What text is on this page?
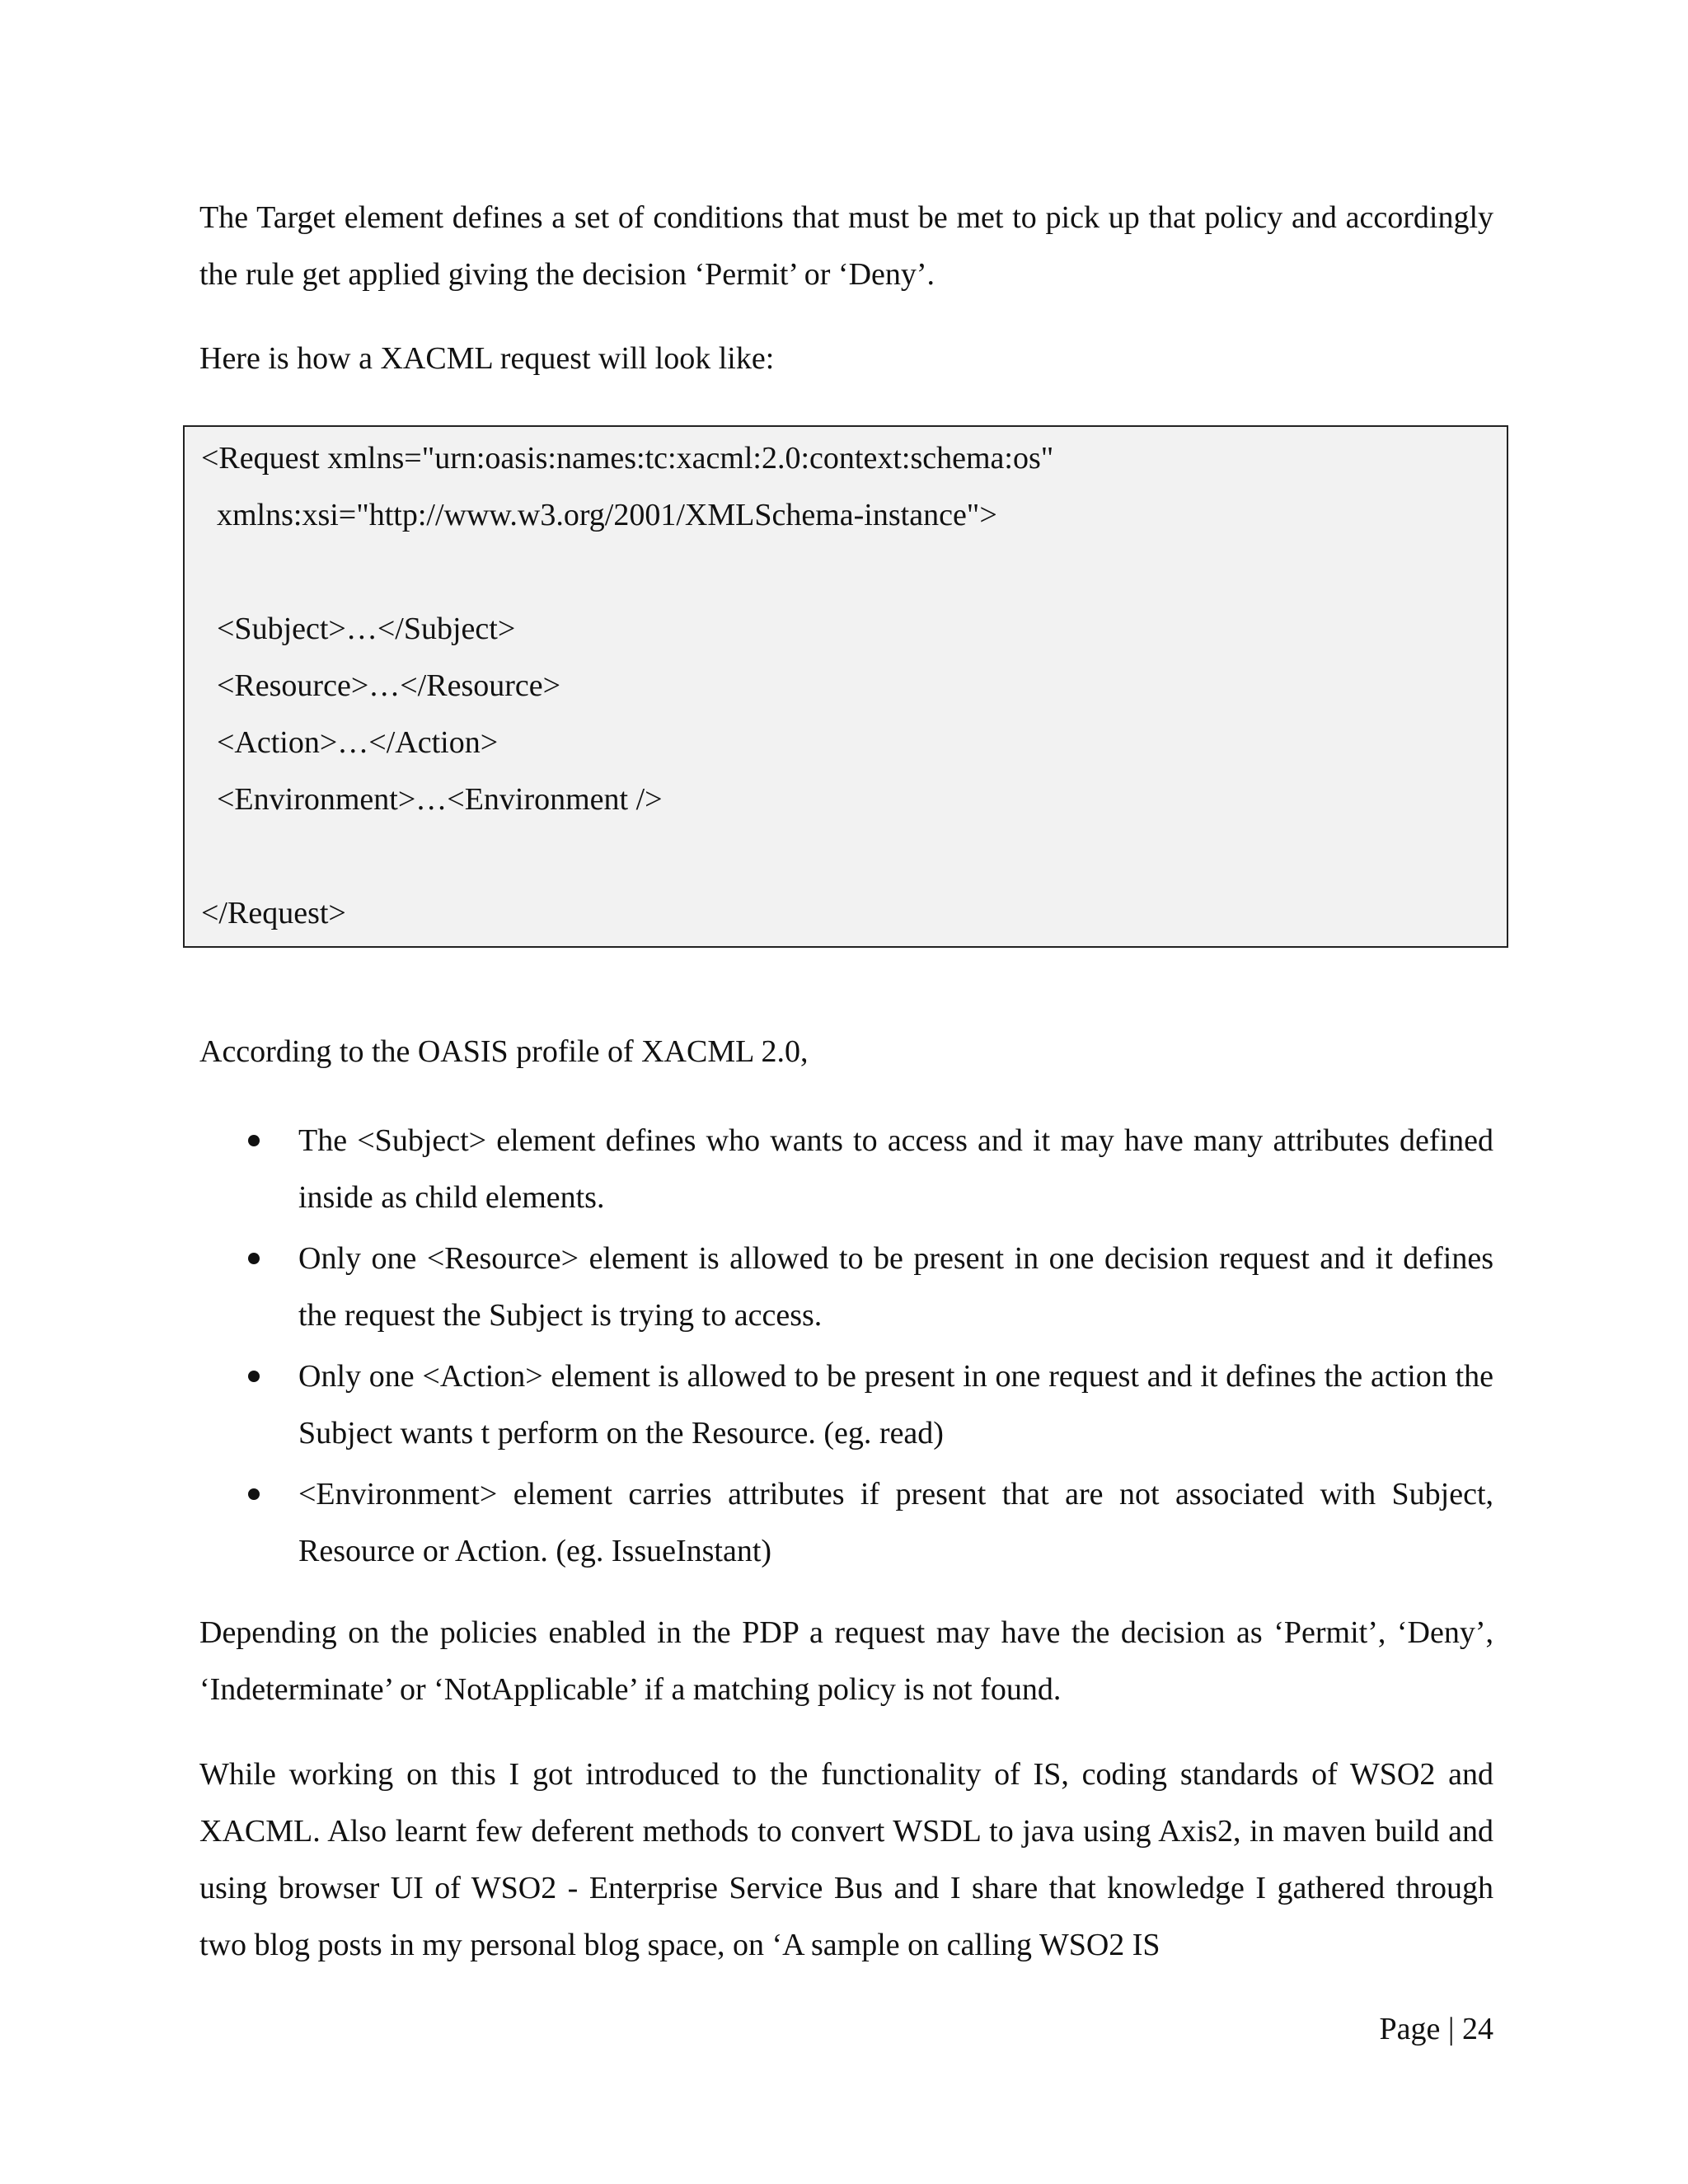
The Target element defines a set of conditions that must be met to pick up that policy and accordingly the rule get applied giving the decision ‘Permit’ or ‘Deny’.

Here is how a XACML request will look like:

<Request xmlns="urn:oasis:names:tc:xacml:2.0:context:schema:os"
xmlns:xsi="http://www.w3.org/2001/XMLSchema-instance">
<Subject>…</Subject>
<Resource>…</Resource>
<Action>…</Action>
<Environment>…<Environment />
</Request>

According to the OASIS profile of XACML 2.0,

The <Subject> element defines who wants to access and it may have many attributes defined inside as child elements.
Only one <Resource> element is allowed to be present in one decision request and it defines the request the Subject is trying to access.
Only one <Action> element is allowed to be present in one request and it defines the action the Subject wants t perform on the Resource. (eg. read)
<Environment> element carries attributes if present that are not associated with Subject, Resource or Action. (eg. IssueInstant)

Depending on the policies enabled in the PDP a request may have the decision as ‘Permit’, ‘Deny’, ‘Indeterminate’ or ‘NotApplicable’ if a matching policy is not found.

While working on this I got introduced to the functionality of IS, coding standards of WSO2 and XACML. Also learnt few deferent methods to convert WSDL to java using Axis2, in maven build and using browser UI of WSO2 - Enterprise Service Bus and I share that knowledge I gathered through two blog posts in my personal blog space, on ‘A sample on calling WSO2 IS

Page | 24
